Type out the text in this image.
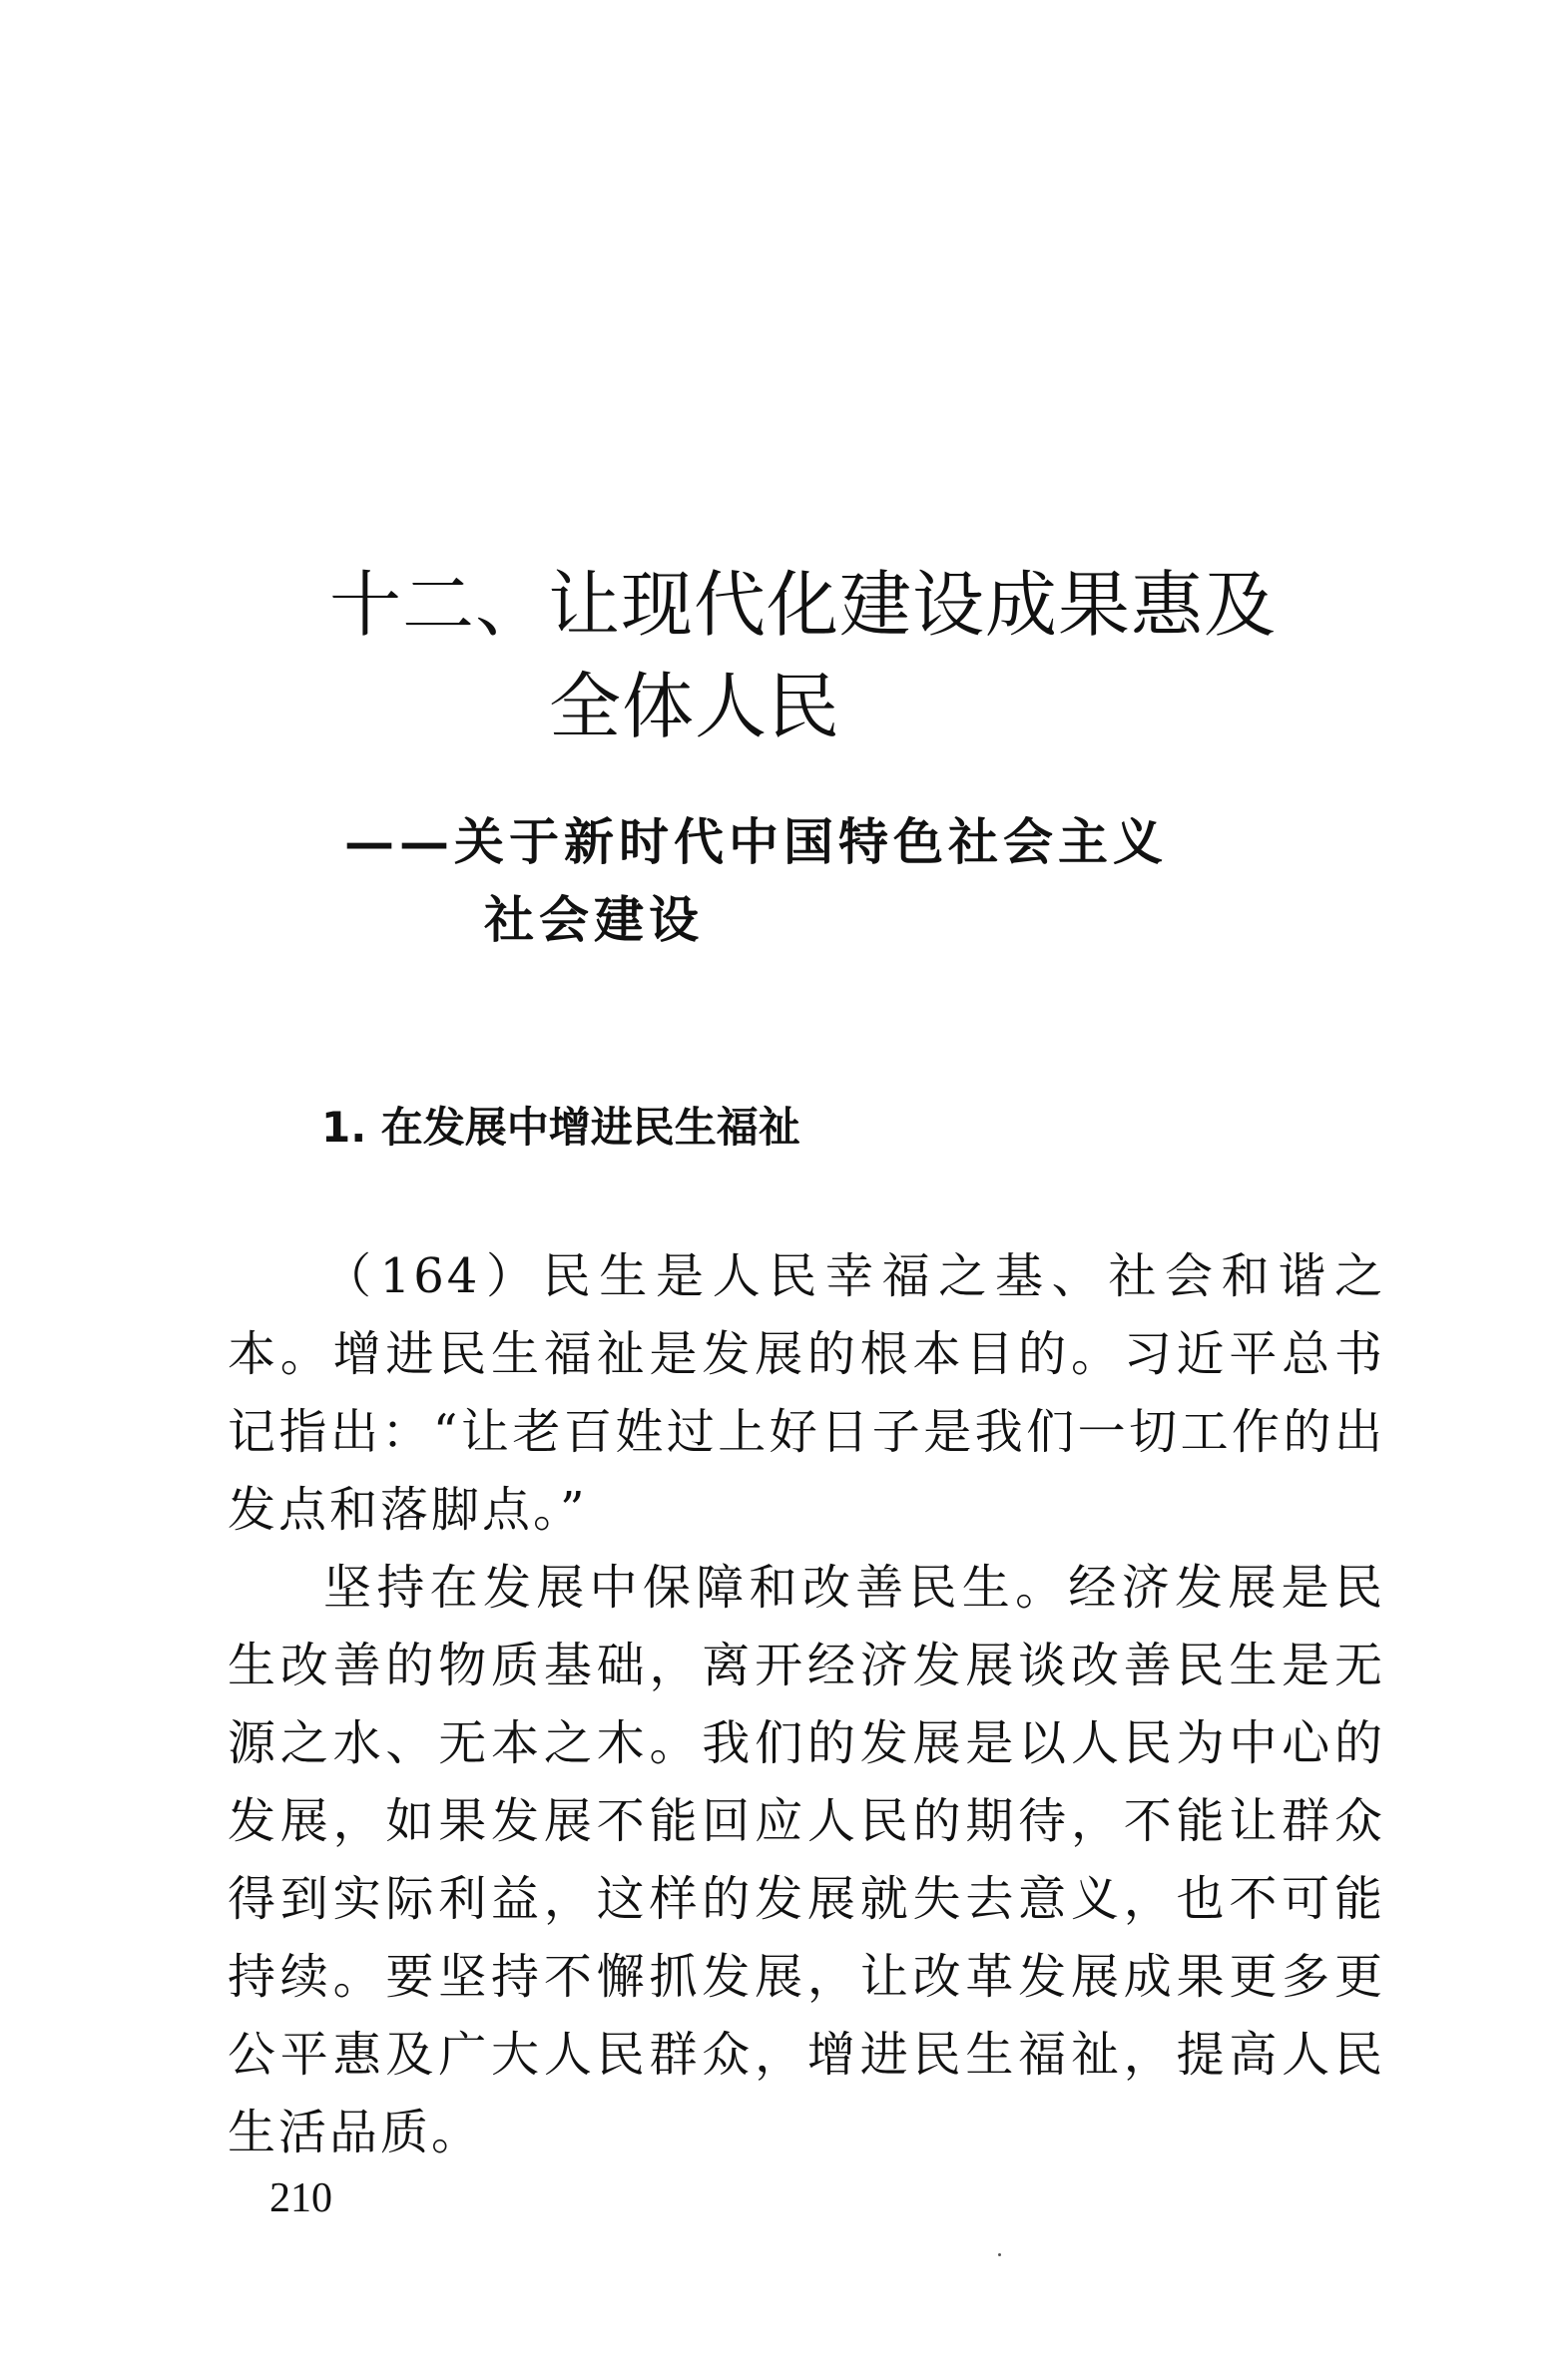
十二、让现代化建设成果惠及
全体人民
——关于新时代中国特色社会主义
社会建设
1. 在发展中增进民生福祉

（164）民生是人民幸福之基、社会和谐之本。增进民生福祉是发展的根本目的。习近平总书记指出：“让老百姓过上好日子是我们一切工作的出发点和落脚点。”

坚持在发展中保障和改善民生。经济发展是民生改善的物质基础，离开经济发展谈改善民生是无源之水、无本之木。我们的发展是以人民为中心的发展，如果发展不能回应人民的期待，不能让群众得到实际利益，这样的发展就失去意义，也不可能持续。要坚持不懈抓发展，让改革发展成果更多更公平惠及广大人民群众，增进民生福祉，提高人民生活品质。

210
